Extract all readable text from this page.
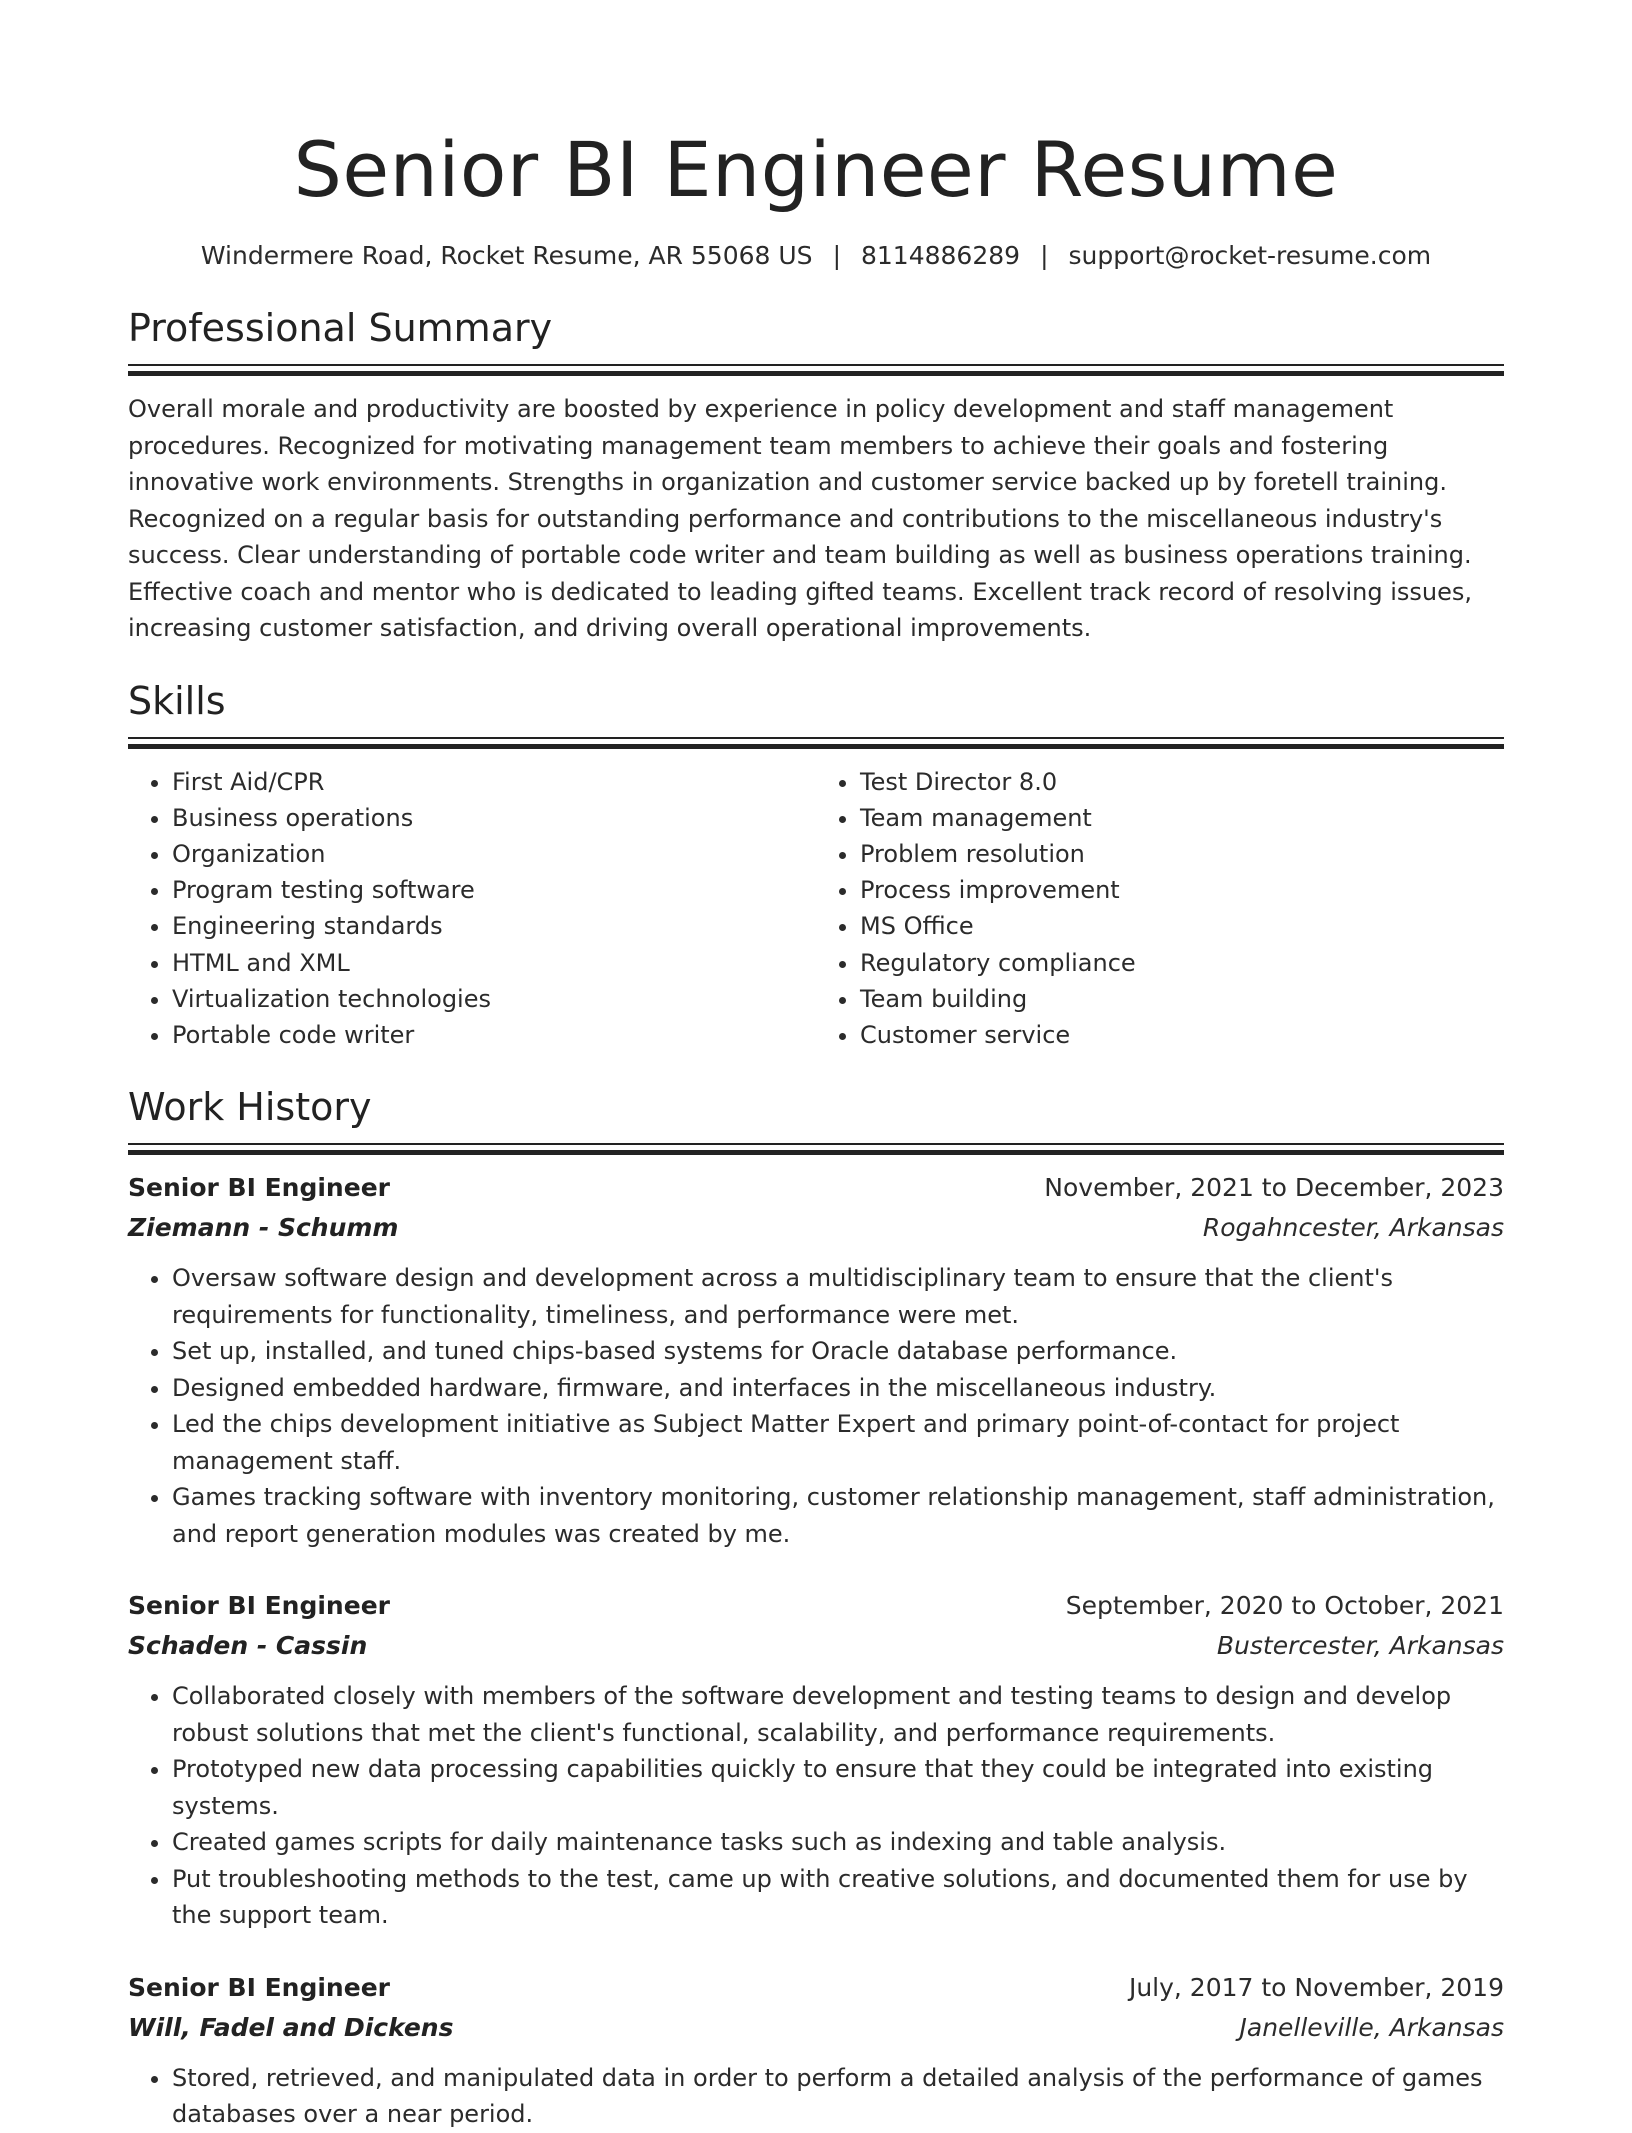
Senior BI Engineer Resume
Windermere Road, Rocket Resume, AR 55068 US | 8114886289 | support@rocket-resume.com
Professional Summary

Overall morale and productivity are boosted by experience in policy development and staff management procedures. Recognized for motivating management team members to achieve their goals and fostering innovative work environments. Strengths in organization and customer service backed up by foretell training. Recognized on a regular basis for outstanding performance and contributions to the miscellaneous industry's success. Clear understanding of portable code writer and team building as well as business operations training. Effective coach and mentor who is dedicated to leading gifted teams. Excellent track record of resolving issues, increasing customer satisfaction, and driving overall operational improvements.

Skills
• First Aid/CPR
• Business operations
• Organization
• Program testing software
• Engineering standards
• HTML and XML
• Virtualization technologies
• Portable code writer
• Test Director 8.0
• Team management
• Problem resolution
• Process improvement
• MS Office
• Regulatory compliance
• Team building
• Customer service
Work History
Senior BI Engineer	November, 2021 to December, 2023
Ziemann - Schumm	Rogahncester, Arkansas
• Oversaw software design and development across a multidisciplinary team to ensure that the client's requirements for functionality, timeliness, and performance were met.
• Set up, installed, and tuned chips-based systems for Oracle database performance.
• Designed embedded hardware, firmware, and interfaces in the miscellaneous industry.
• Led the chips development initiative as Subject Matter Expert and primary point-of-contact for project management staff.
• Games tracking software with inventory monitoring, customer relationship management, staff administration, and report generation modules was created by me.
Senior BI Engineer	September, 2020 to October, 2021
Schaden - Cassin	Bustercester, Arkansas
• Collaborated closely with members of the software development and testing teams to design and develop robust solutions that met the client's functional, scalability, and performance requirements.
• Prototyped new data processing capabilities quickly to ensure that they could be integrated into existing systems.
• Created games scripts for daily maintenance tasks such as indexing and table analysis.
• Put troubleshooting methods to the test, came up with creative solutions, and documented them for use by the support team.
Senior BI Engineer	July, 2017 to November, 2019
Will, Fadel and Dickens	Janelleville, Arkansas
• Stored, retrieved, and manipulated data in order to perform a detailed analysis of the performance of games databases over a near period.
